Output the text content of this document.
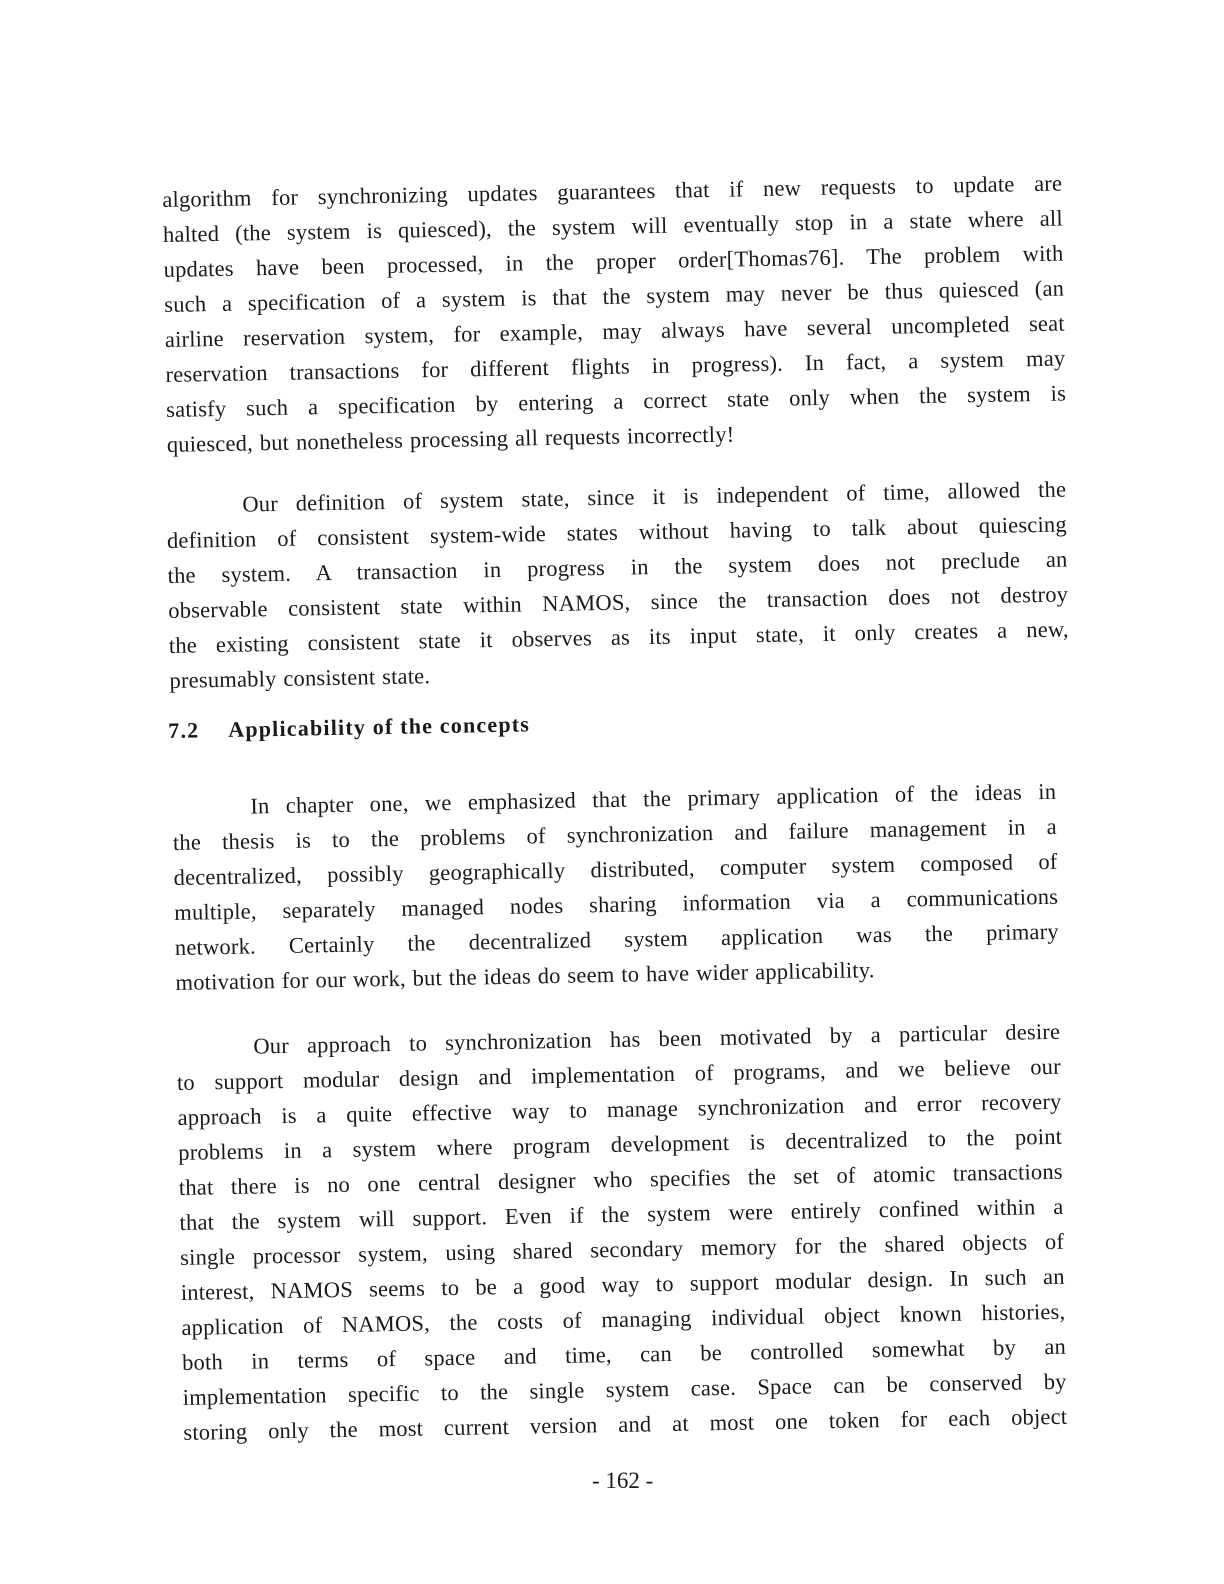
algorithm for synchronizing updates guarantees that if new requests to update are
halted (the system is quiesced), the system will eventually stop in a state where all
updates have been processed, in the proper order[Thomas76]. The problem with
such a specification of a system is that the system may never be thus quiesced (an
airline reservation system, for example, may always have several uncompleted seat
reservation transactions for different flights in progress). In fact, a system may
satisfy such a specification by entering a correct state only when the system is
quiesced, but nonetheless processing all requests incorrectly!
Our definition of system state, since it is independent of time, allowed the
definition of consistent system-wide states without having to talk about quiescing
the system. A transaction in progress in the system does not preclude an
observable consistent state within NAMOS, since the transaction does not destroy
the existing consistent state it observes as its input state, it only creates a new,
presumably consistent state.
7.2 Applicability of the concepts
In chapter one, we emphasized that the primary application of the ideas in
the thesis is to the problems of synchronization and failure management in a
decentralized, possibly geographically distributed, computer system composed of
multiple, separately managed nodes sharing information via a communications
network. Certainly the decentralized system application was the primary
motivation for our work, but the ideas do seem to have wider applicability.
Our approach to synchronization has been motivated by a particular desire
to support modular design and implementation of programs, and we believe our
approach is a quite effective way to manage synchronization and error recovery
problems in a system where program development is decentralized to the point
that there is no one central designer who specifies the set of atomic transactions
that the system will support. Even if the system were entirely confined within a
single processor system, using shared secondary memory for the shared objects of
interest, NAMOS seems to be a good way to support modular design. In such an
application of NAMOS, the costs of managing individual object known histories,
both in terms of space and time, can be controlled somewhat by an
implementation specific to the single system case. Space can be conserved by
storing only the most current version and at most one token for each object
- 162 -
